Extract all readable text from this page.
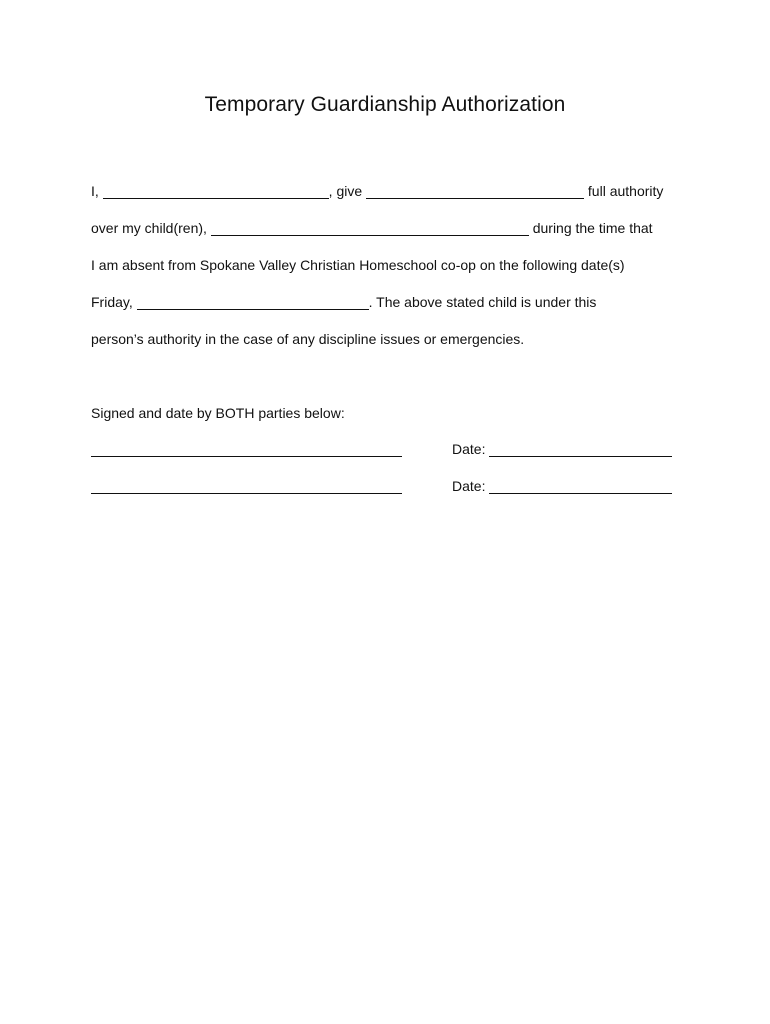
Temporary Guardianship Authorization
I,	, give	full authority
over my child(ren),	during the time that
I am absent from Spokane Valley Christian Homeschool co-op on the following date(s)
Friday,	. The above stated child is under this
person’s authority in the case of any discipline issues or emergencies.
Signed and date by BOTH parties below:
Date:
Date:
